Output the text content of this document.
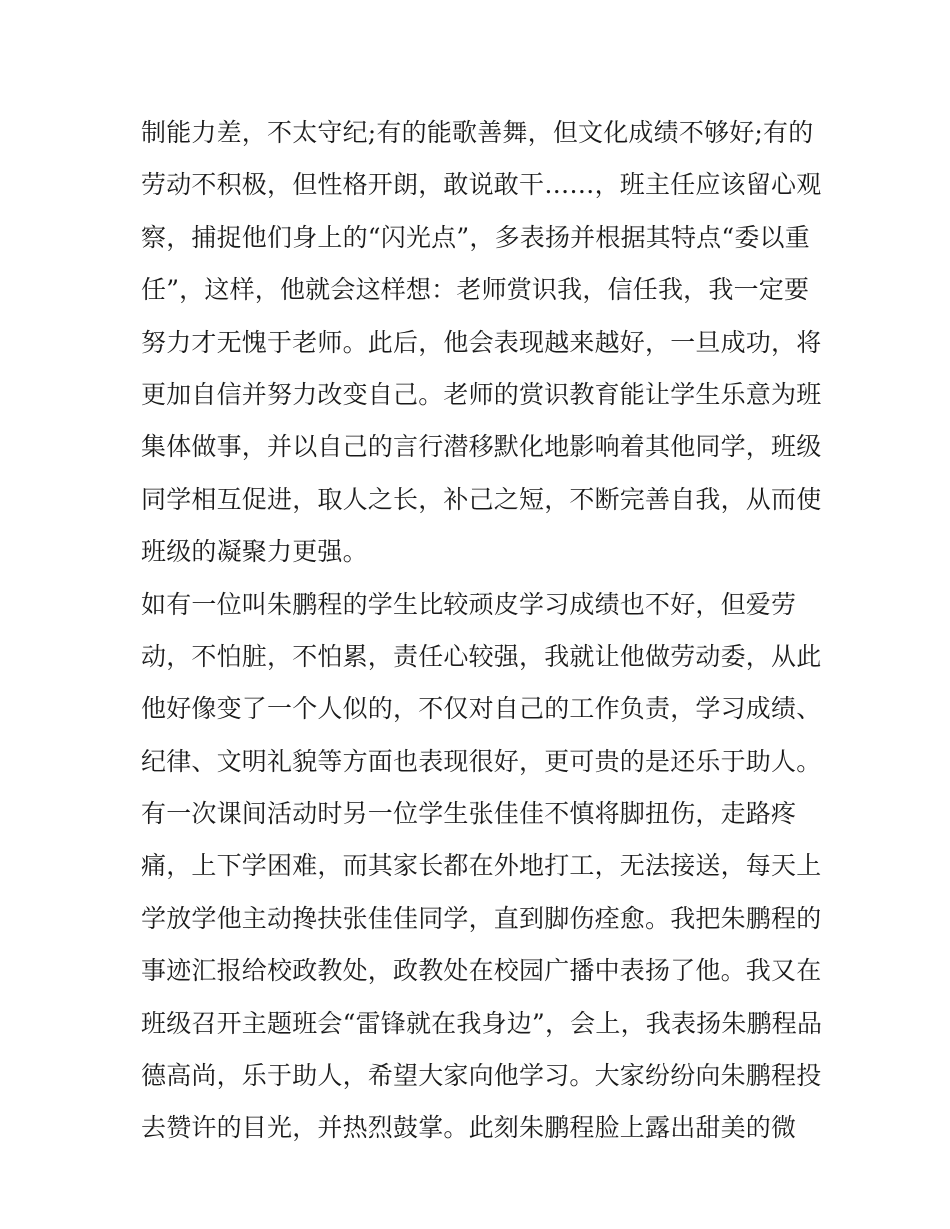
制能力差，不太守纪;有的能歌善舞，但文化成绩不够好;有的
劳动不积极，但性格开朗，敢说敢干……，班主任应该留心观
察，捕捉他们身上的“闪光点”，多表扬并根据其特点“委以重
任”，这样，他就会这样想：老师赏识我，信任我，我一定要
努力才无愧于老师。此后，他会表现越来越好，一旦成功，将
更加自信并努力改变自己。老师的赏识教育能让学生乐意为班
集体做事，并以自己的言行潜移默化地影响着其他同学，班级
同学相互促进，取人之长，补己之短，不断完善自我，从而使
班级的凝聚力更强。
如有一位叫朱鹏程的学生比较顽皮学习成绩也不好，但爱劳
动，不怕脏，不怕累，责任心较强，我就让他做劳动委，从此
他好像变了一个人似的，不仅对自己的工作负责，学习成绩、
纪律、文明礼貌等方面也表现很好，更可贵的是还乐于助人。
有一次课间活动时另一位学生张佳佳不慎将脚扭伤，走路疼
痛，上下学困难，而其家长都在外地打工，无法接送，每天上
学放学他主动搀扶张佳佳同学，直到脚伤痊愈。我把朱鹏程的
事迹汇报给校政教处，政教处在校园广播中表扬了他。我又在
班级召开主题班会“雷锋就在我身边”，会上，我表扬朱鹏程品
德高尚，乐于助人，希望大家向他学习。大家纷纷向朱鹏程投
去赞许的目光，并热烈鼓掌。此刻朱鹏程脸上露出甜美的微
